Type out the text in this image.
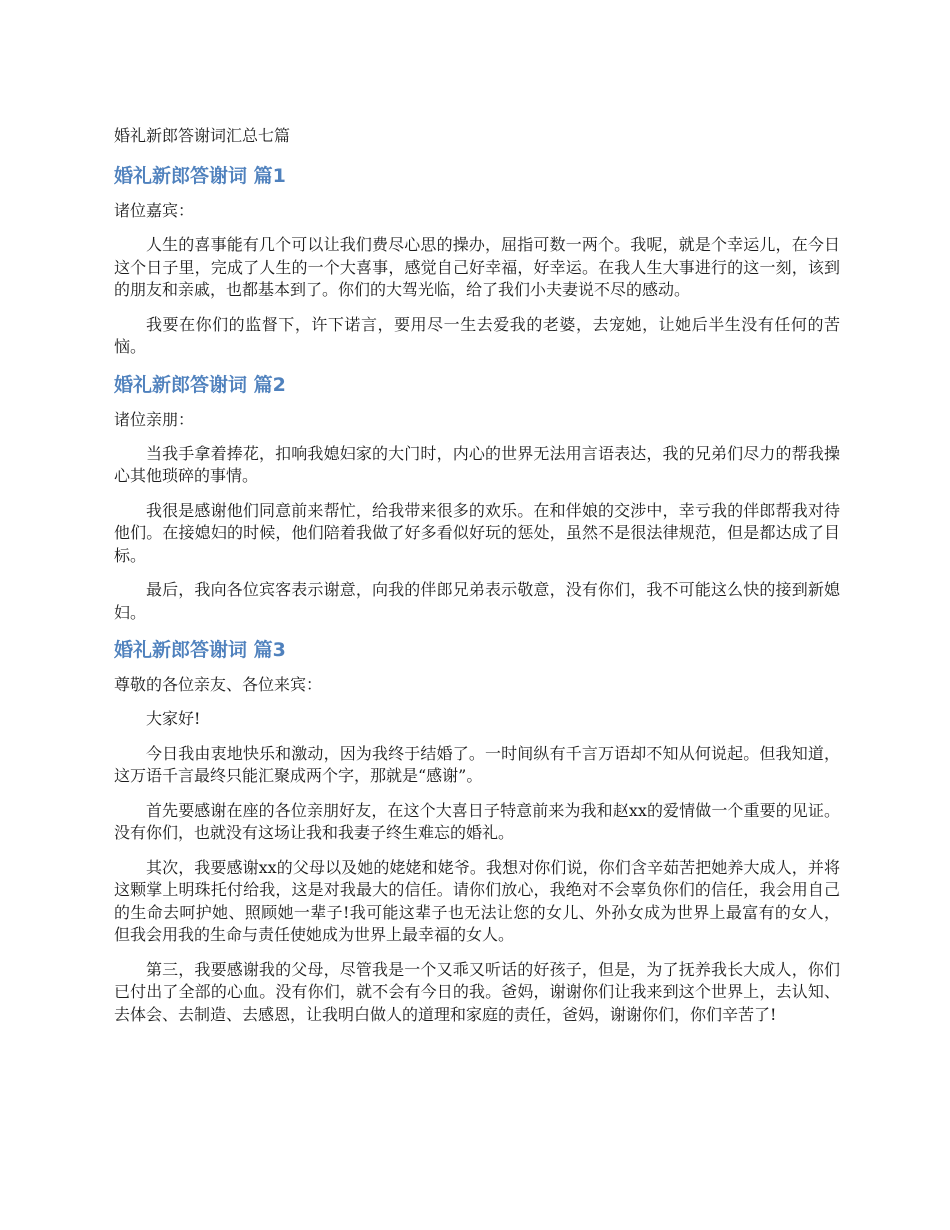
婚礼新郎答谢词汇总七篇
婚礼新郎答谢词 篇1

诸位嘉宾：

人生的喜事能有几个可以让我们费尽心思的操办，屈指可数一两个。我呢，就是个幸运儿，在今日这个日子里，完成了人生的一个大喜事，感觉自己好幸福，好幸运。在我人生大事进行的这一刻，该到的朋友和亲戚，也都基本到了。你们的大驾光临，给了我们小夫妻说不尽的感动。

我要在你们的监督下，许下诺言，要用尽一生去爱我的老婆，去宠她，让她后半生没有任何的苦恼。

婚礼新郎答谢词 篇2

诸位亲朋：

当我手拿着捧花，扣响我媳妇家的大门时，内心的世界无法用言语表达，我的兄弟们尽力的帮我操心其他琐碎的事情。

我很是感谢他们同意前来帮忙，给我带来很多的欢乐。在和伴娘的交涉中，幸亏我的伴郎帮我对待他们。在接媳妇的时候，他们陪着我做了好多看似好玩的惩处，虽然不是很法律规范，但是都达成了目标。

最后，我向各位宾客表示谢意，向我的伴郎兄弟表示敬意，没有你们，我不可能这么快的接到新媳妇。

婚礼新郎答谢词 篇3

尊敬的各位亲友、各位来宾：

大家好!

今日我由衷地快乐和激动，因为我终于结婚了。一时间纵有千言万语却不知从何说起。但我知道，这万语千言最终只能汇聚成两个字，那就是“感谢”。

首先要感谢在座的各位亲朋好友，在这个大喜日子特意前来为我和赵xx的爱情做一个重要的见证。没有你们，也就没有这场让我和我妻子终生难忘的婚礼。

其次，我要感谢xx的父母以及她的姥姥和姥爷。我想对你们说，你们含辛茹苦把她养大成人，并将这颗掌上明珠托付给我，这是对我最大的信任。请你们放心，我绝对不会辜负你们的信任，我会用自己的生命去呵护她、照顾她一辈子!我可能这辈子也无法让您的女儿、外孙女成为世界上最富有的女人，但我会用我的生命与责任使她成为世界上最幸福的女人。

第三，我要感谢我的父母，尽管我是一个又乖又听话的好孩子，但是，为了抚养我长大成人，你们已付出了全部的心血。没有你们，就不会有今日的我。爸妈，谢谢你们让我来到这个世界上，去认知、去体会、去制造、去感恩，让我明白做人的道理和家庭的责任，爸妈，谢谢你们，你们辛苦了!
